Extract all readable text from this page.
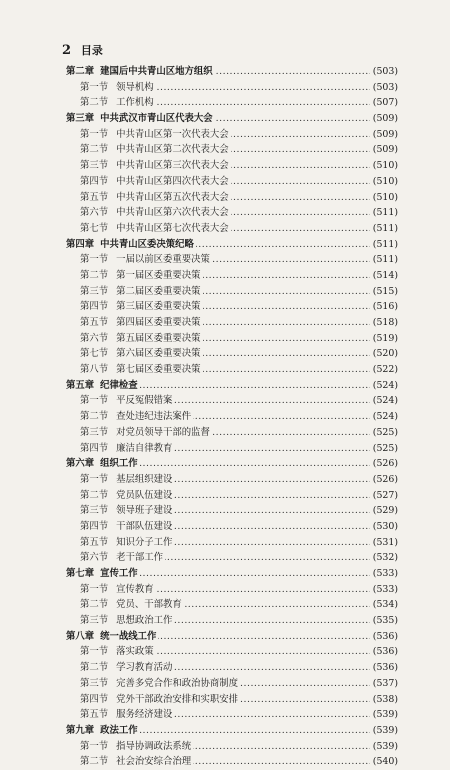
2 目录
.....
第二章 建国后中共青山区地方组织	(503)
.....
第一节 领导机构	(503)
.....
第二节 工作机构	(507)
.....
第三章 中共武汉市青山区代表大会	(509)
.....
第一节 中共青山区第一次代表大会	(509)
.....
第二节 中共青山区第二次代表大会	(509)
.....
第三节 中共青山区第三次代表大会	(510)
.....
第四节 中共青山区第四次代表大会	(510)
.....
第五节 中共青山区第五次代表大会	(510)
.....
第六节 中共青山区第六次代表大会	(511)
.....
第七节 中共青山区第七次代表大会	(511)
.....
第四章 中共青山区委决策纪略	(511)
.....
第一节 一届以前区委重要决策	(511)
.....
第二节 第一届区委重要决策	(514)
.....
第三节 第二届区委重要决策	(515)
.....
第四节 第三届区委重要决策	(516)
.....
第五节 第四届区委重要决策	(518)
.....
第六节 第五届区委重要决策	(519)
.....
第七节 第六届区委重要决策	(520)
.....
第八节 第七届区委重要决策	(522)
.....
第五章 纪律检查	(524)
.....
第一节 平反冤假错案	(524)
.....
第二节 查处违纪违法案件	(524)
.....
第三节 对党员领导干部的监督	(525)
.....
第四节 廉洁自律教育	(525)
.....
第六章 组织工作	(526)
.....
第一节 基层组织建设	(526)
.....
第二节 党员队伍建设	(527)
.....
第三节 领导班子建设	(529)
.....
第四节 干部队伍建设	(530)
.....
第五节 知识分子工作	(531)
.....
第六节 老干部工作	(532)
.....
第七章 宣传工作	(533)
.....
第一节 宣传教育	(533)
.....
第二节 党员、干部教育	(534)
.....
第三节 思想政治工作	(535)
.....
第八章 统一战线工作	(536)
.....
第一节 落实政策	(536)
.....
第二节 学习教育活动	(536)
.....
第三节 完善多党合作和政治协商制度	(537)
.....
第四节 党外干部政治安排和实职安排	(538)
.....
第五节 服务经济建设	(539)
.....
第九章 政法工作	(539)
.....
第一节 指导协调政法系统	(539)
.....
第二节 社会治安综合治理	(540)
